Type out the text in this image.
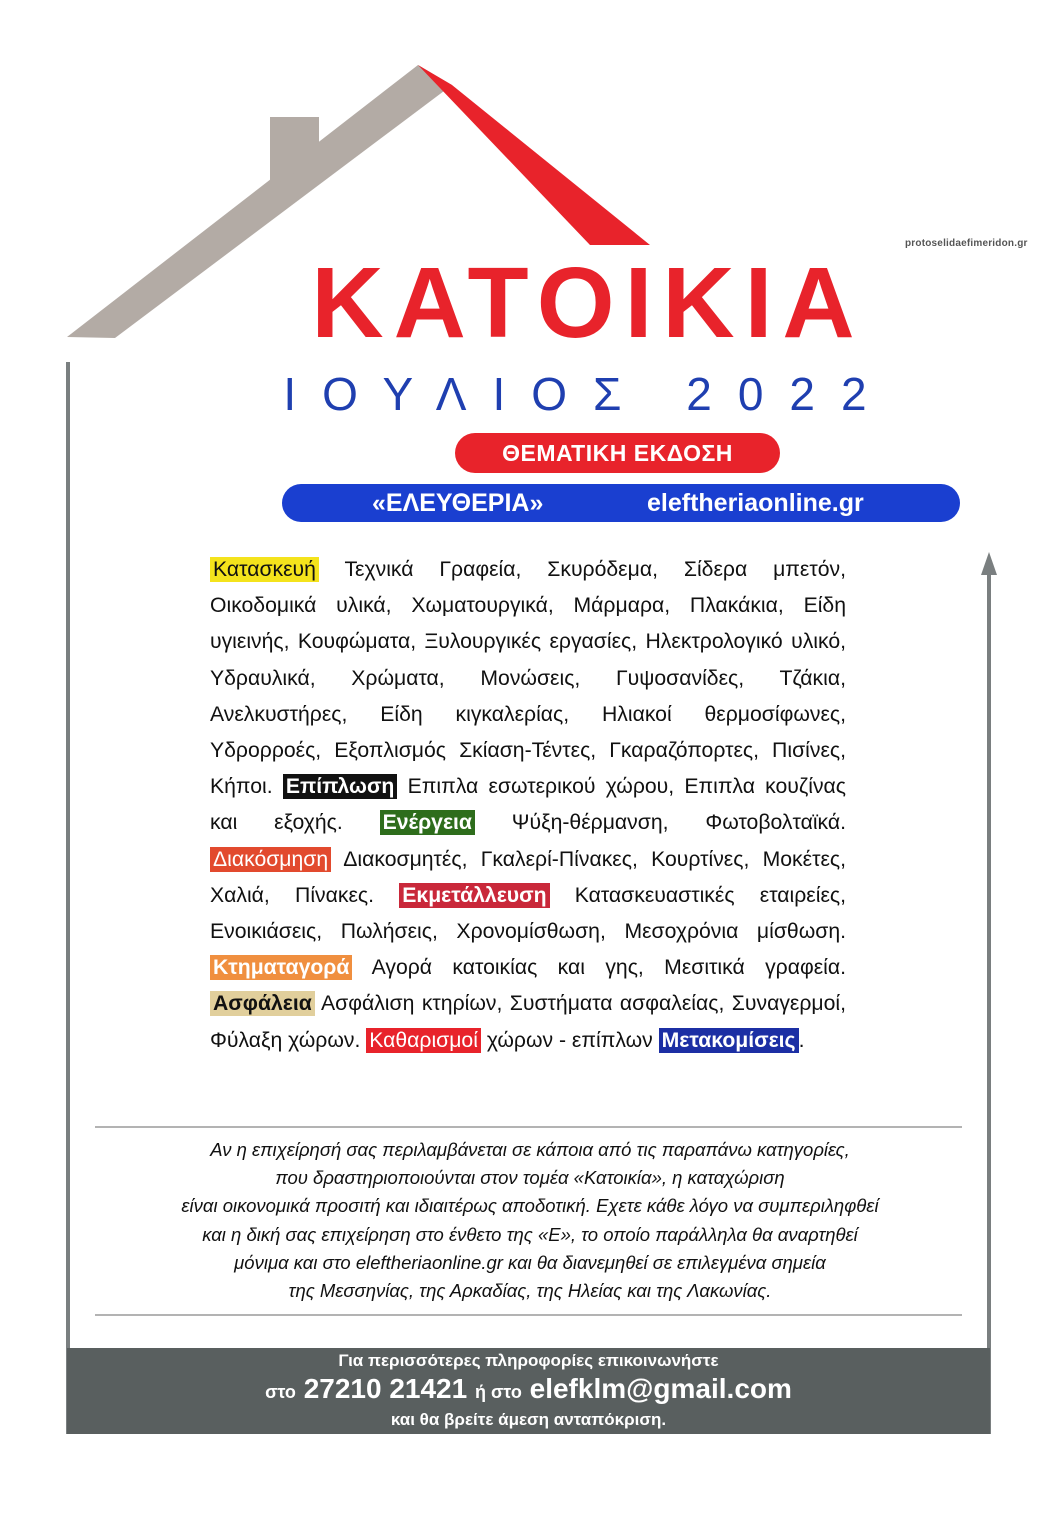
protoselidaefimeridon.gr
ΚΑΤΟΙΚΙΑ
ΙΟΥΛΙΟΣ 2022
ΘΕΜΑΤΙΚΗ ΕΚΔΟΣΗ
«ΕΛΕΥΘΕΡΙΑ»	eleftheriaonline.gr
Κατασκευή Τεχνικά Γραφεία, Σκυρόδεμα, Σίδερα μπετόν, Οικοδομικά υλικά, Χωματουργικά, Μάρμαρα, Πλακάκια, Είδη υγιεινής, Κουφώματα, Ξυλουργικές εργασίες, Ηλεκτρολογικό υλικό, Υδραυλικά, Χρώματα, Μονώσεις, Γυψοσανίδες, Τζάκια, Ανελκυστήρες, Είδη κιγκαλερίας, Ηλιακοί θερμοσίφωνες, Υδρορροές, Εξοπλισμός Σκίαση-Τέντες, Γκαραζόπορτες, Πισίνες, Κήποι. Επίπλωση Επιπλα εσωτερικού χώρου, Επιπλα κουζίνας και εξοχής. Ενέργεια Ψύξη-θέρμανση, Φωτοβολταϊκά. Διακόσμηση Διακοσμητές, Γκαλερί-Πίνακες, Κουρτίνες, Μοκέτες, Χαλιά, Πίνακες. Εκμετάλλευση Κατασκευαστικές εταιρείες, Ενοικιάσεις, Πωλήσεις, Χρονομίσθωση, Μεσοχρόνια μίσθωση. Κτηματαγορά Αγορά κατοικίας και γης, Μεσιτικά γραφεία. Ασφάλεια Ασφάλιση κτηρίων, Συστήματα ασφαλείας, Συναγερμοί, Φύλαξη χώρων. Καθαρισμοί χώρων - επίπλων Μετακομίσεις .
Αν η επιχείρησή σας περιλαμβάνεται σε κάποια από τις παραπάνω κατηγορίες,
που δραστηριοποιούνται στον τομέα «Κατοικία», η καταχώριση
είναι οικονομικά προσιτή και ιδιαιτέρως αποδοτική. Εχετε κάθε λόγο να συμπεριληφθεί
και η δική σας επιχείρηση στο ένθετο της «Ε», το οποίο παράλληλα θα αναρτηθεί
μόνιμα και στο eleftheriaonline.gr και θα διανεμηθεί σε επιλεγμένα σημεία
της Μεσσηνίας, της Αρκαδίας, της Ηλείας και της Λακωνίας.
Για περισσότερες πληροφορίες επικοινωνήστε
στο 27210 21421 ή στο elefklm@gmail.com
και θα βρείτε άμεση ανταπόκριση.
